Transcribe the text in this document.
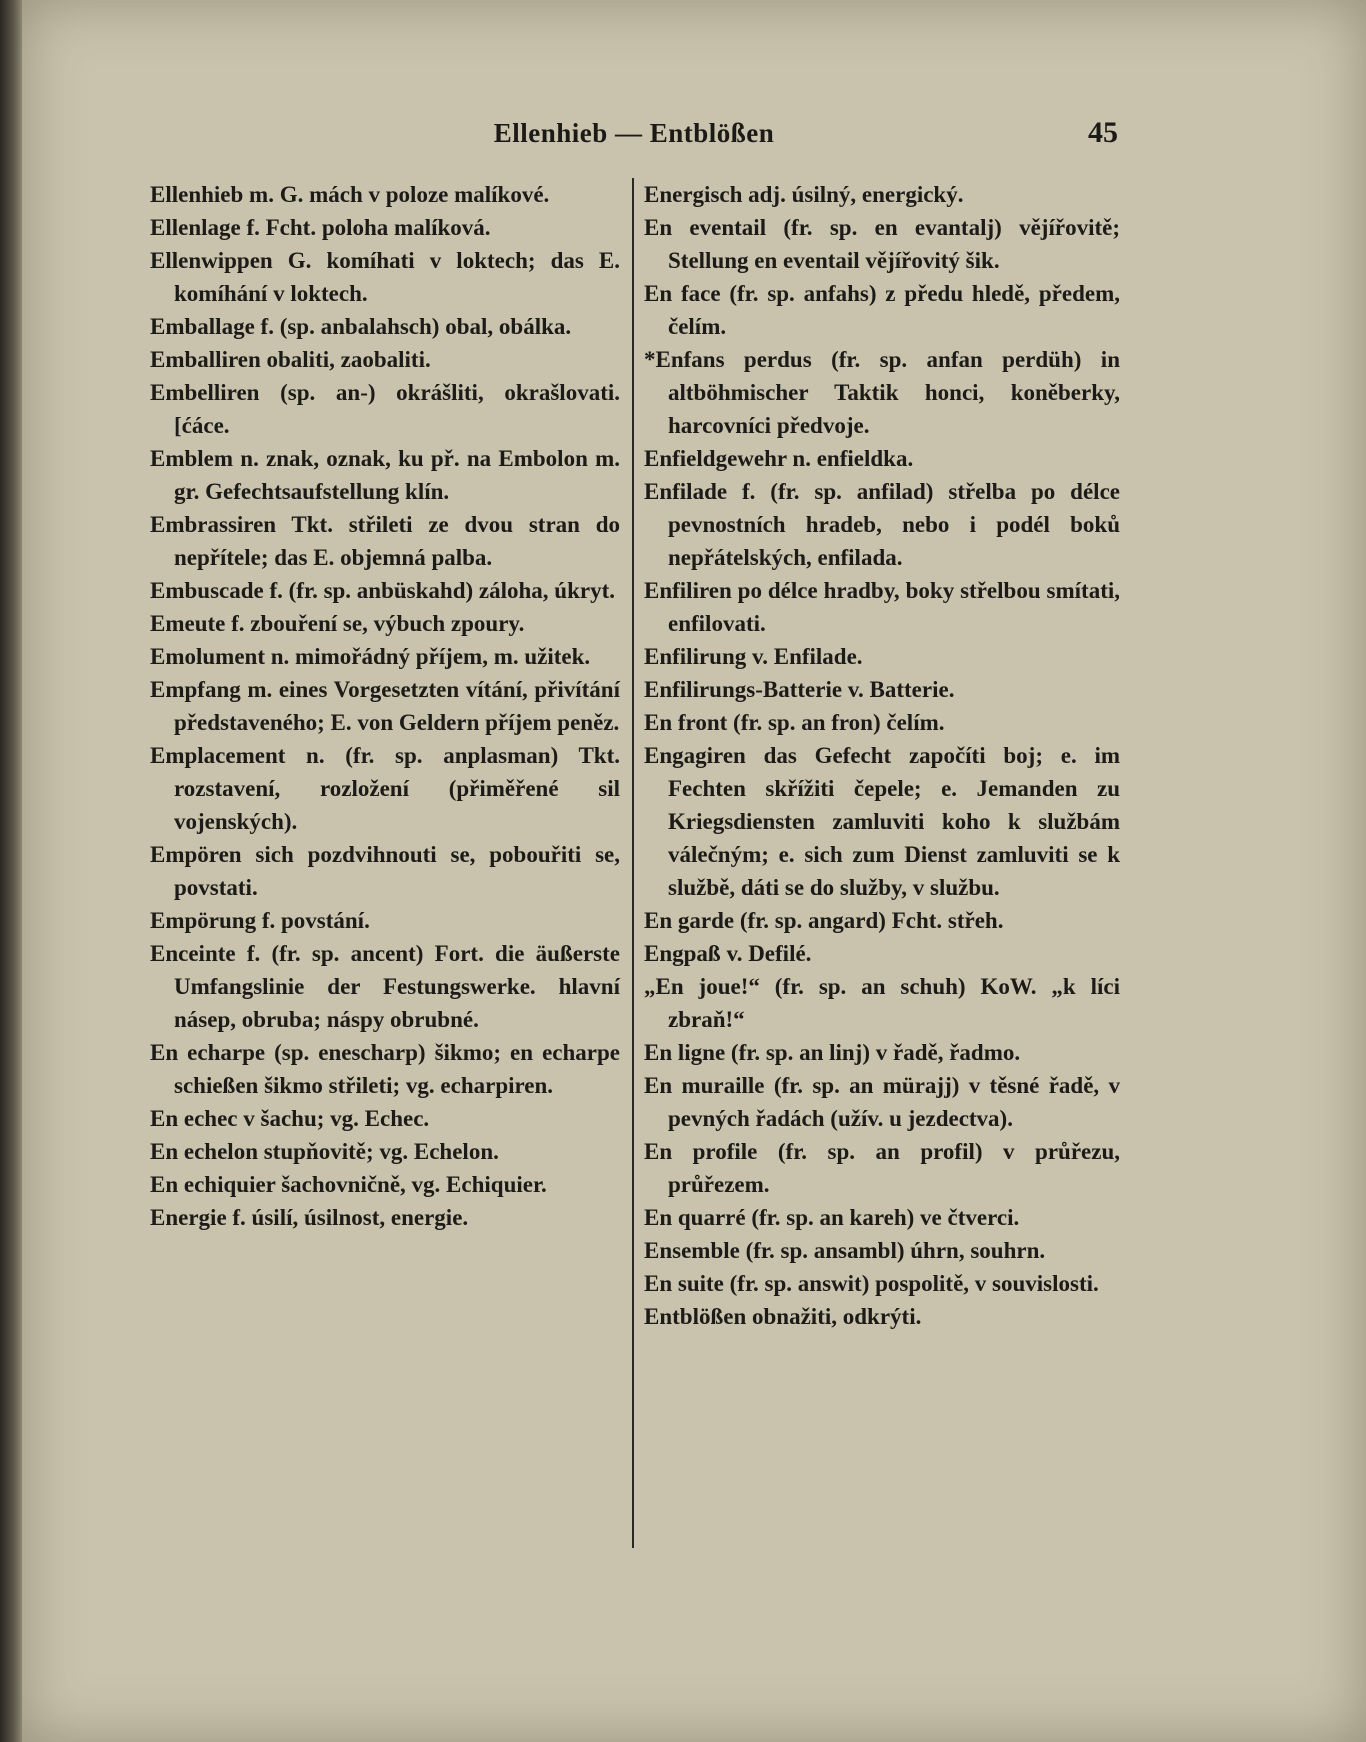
Ellenhieb — Entblößen	45

Ellenhieb m. G. mách v poloze malíkové.

Ellenlage f. Fcht. poloha malíková.

Ellenwippen G. komíhati v loktech; das E. komíhání v loktech.

Emballage f. (sp. anbalahsch) obal, obálka.

Emballiren obaliti, zaobaliti.

Embelliren (sp. an-) okrášliti, okrašlovati. [ćáce.

Emblem n. znak, oznak, ku př. na Embolon m. gr. Gefechtsaufstellung klín.

Embrassiren Tkt. střileti ze dvou stran do nepřítele; das E. objemná palba.

Embuscade f. (fr. sp. anbüskahd) záloha, úkryt.

Emeute f. zbouření se, výbuch zpoury.

Emolument n. mimořádný příjem, m. užitek.

Empfang m. eines Vorgesetzten vítání, přivítání představeného; E. von Geldern příjem peněz.

Emplacement n. (fr. sp. anplasman) Tkt. rozstavení, rozložení (přiměřené sil vojenských).

Empören sich pozdvihnouti se, pobouřiti se, povstati.

Empörung f. povstání.

Enceinte f. (fr. sp. ancent) Fort. die äußerste Umfangslinie der Festungswerke. hlavní násep, obruba; náspy obrubné.

En echarpe (sp. enescharp) šikmo; en echarpe schießen šikmo střileti; vg. echarpiren.

En echec v šachu; vg. Echec.

En echelon stupňovitě; vg. Echelon.

En echiquier šachovničně, vg. Echiquier.

Energie f. úsilí, úsilnost, energie.

Energisch adj. úsilný, energický.

En eventail (fr. sp. en evantalj) vějířovitě; Stellung en eventail vějířovitý šik.

En face (fr. sp. anfahs) z předu hledě, předem, čelím.

*Enfans perdus (fr. sp. anfan perdüh) in altböhmischer Taktik honci, koněberky, harcovníci předvoje.

Enfieldgewehr n. enfieldka.

Enfilade f. (fr. sp. anfilad) střelba po délce pevnostních hradeb, nebo i podél boků nepřátelských, enfilada.

Enfiliren po délce hradby, boky střelbou smítati, enfilovati.

Enfilirung v. Enfilade.

Enfilirungs-Batterie v. Batterie.

En front (fr. sp. an fron) čelím.

Engagiren das Gefecht započíti boj; e. im Fechten skřížiti čepele; e. Jemanden zu Kriegsdiensten zamluviti koho k službám válečným; e. sich zum Dienst zamluviti se k službě, dáti se do služby, v službu.

En garde (fr. sp. angard) Fcht. střeh.

Engpaß v. Defilé.

„En joue!“ (fr. sp. an schuh) KoW. „k líci zbraň!“

En ligne (fr. sp. an linj) v řadě, řadmo.

En muraille (fr. sp. an mürajj) v těsné řadě, v pevných řadách (užív. u jezdectva).

En profile (fr. sp. an profil) v průřezu, průřezem.

En quarré (fr. sp. an kareh) ve čtverci.

Ensemble (fr. sp. ansambl) úhrn, souhrn.

En suite (fr. sp. answit) pospolitě, v souvislosti.

Entblößen obnažiti, odkrýti.
